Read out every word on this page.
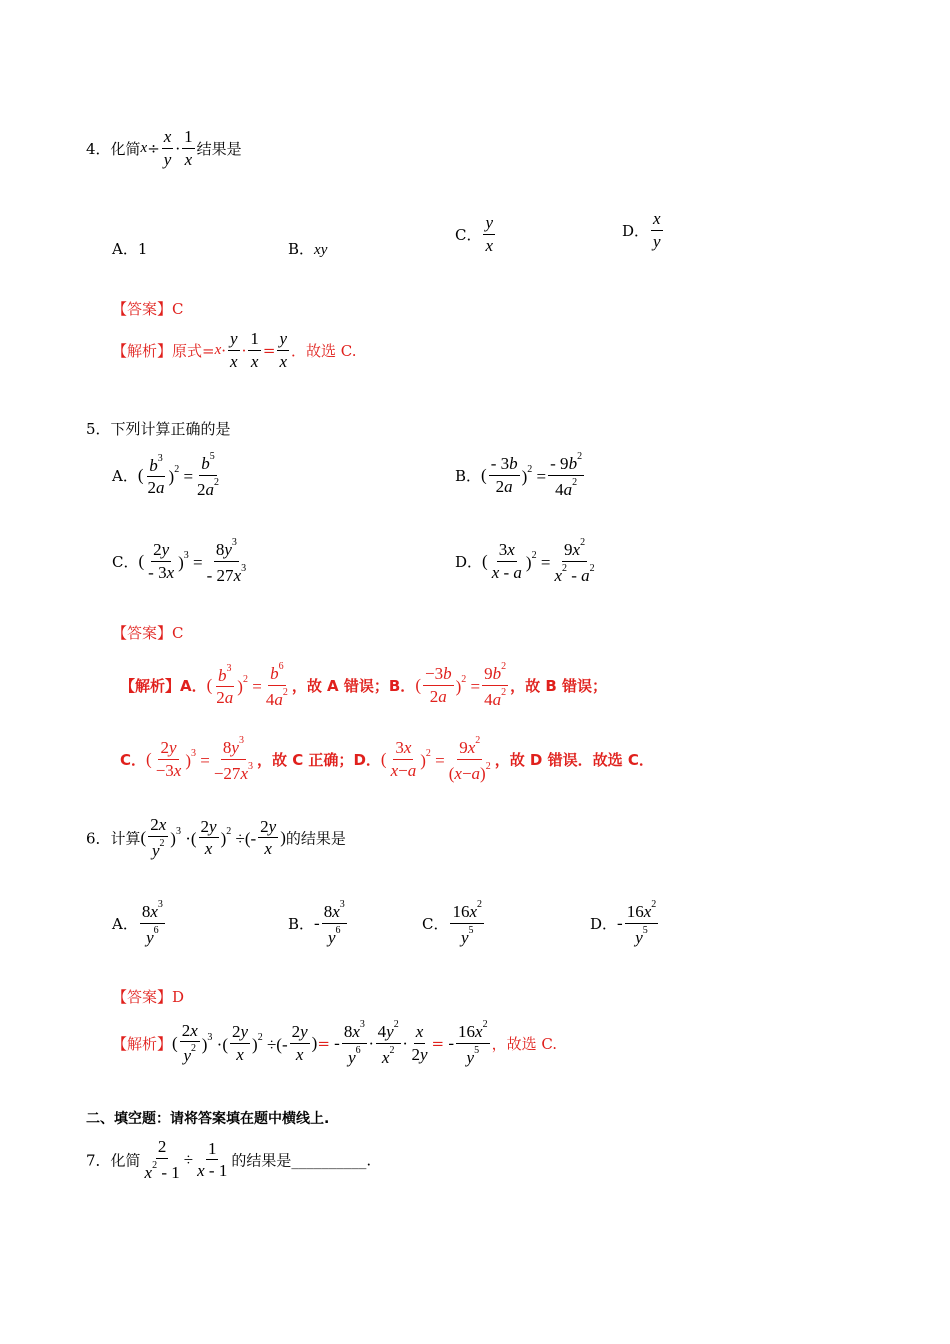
4．化简$x\div \frac{x}{y} \cdot \frac{1}{x}$ 结果是
A．1	B．xy
C． $\frac{y}{x}$	D． $\frac{x}{y}$
【答案】C
【解析】原式$=x\cdot \frac{y}{x} \cdot \frac{1}{x} = \frac{y}{x}$ ．故选 C.
5．下列计算正确的是
A．( $\frac{b^3}{2a} )^2 = \frac{b^5}{2a^2}$	B．( $\frac{- 3b}{2a} )^2 = \frac{- 9b^2}{4a^2}$
C．( $\frac{2y}{- 3x} )^3 = \frac{8y^3}{- 27x^3}$	D．( $\frac{3x}{x - a} )^2 = \frac{9x^2}{x^2 - a^2}$
【答案】C
【解析】A．( $\frac{b^3}{2a} )^2 = \frac{b^6}{4a^2}$ ，故 A 错误；B．( $\frac{-3b}{2a} )^2 = \frac{9b^2}{4a^2}$ ，故 B 错误；
C．( $\frac{2y}{-3x} )^3 = \frac{8y^3}{-27x^3}$ ，故 C 正确；D．( $\frac{3x}{x-a} )^2 = \frac{9x^2}{(x-a)^2}$ ，故 D 错误．故选 C．
6．计算( $\frac{2x}{y^2} )^3$ ·( $\frac{2y}{x} )^2$ ÷(- $\frac{2y}{x}$ )的结果是
A． $\frac{8x^3}{y^6}$	B．- $\frac{8x^3}{y^6}$	C． $\frac{16x^2}{y^5}$	D．- $\frac{16x^2}{y^5}$
【答案】D
【解析】( $\frac{2x}{y^2} )^3$ ·( $\frac{2y}{x} )^2$ ÷(- $\frac{2y}{x}$ )= - $\frac{8x^3}{y^6} \cdot \frac{4y^2}{x^2} \cdot \frac{x}{2y}$ = - $\frac{16x^2}{y^5}$ ，故选 C.
二、填空题：请将答案填在题中横线上.
7．化简 $\frac{2}{x^2 - 1} \div \frac{1}{x - 1}$ 的结果是__________.
